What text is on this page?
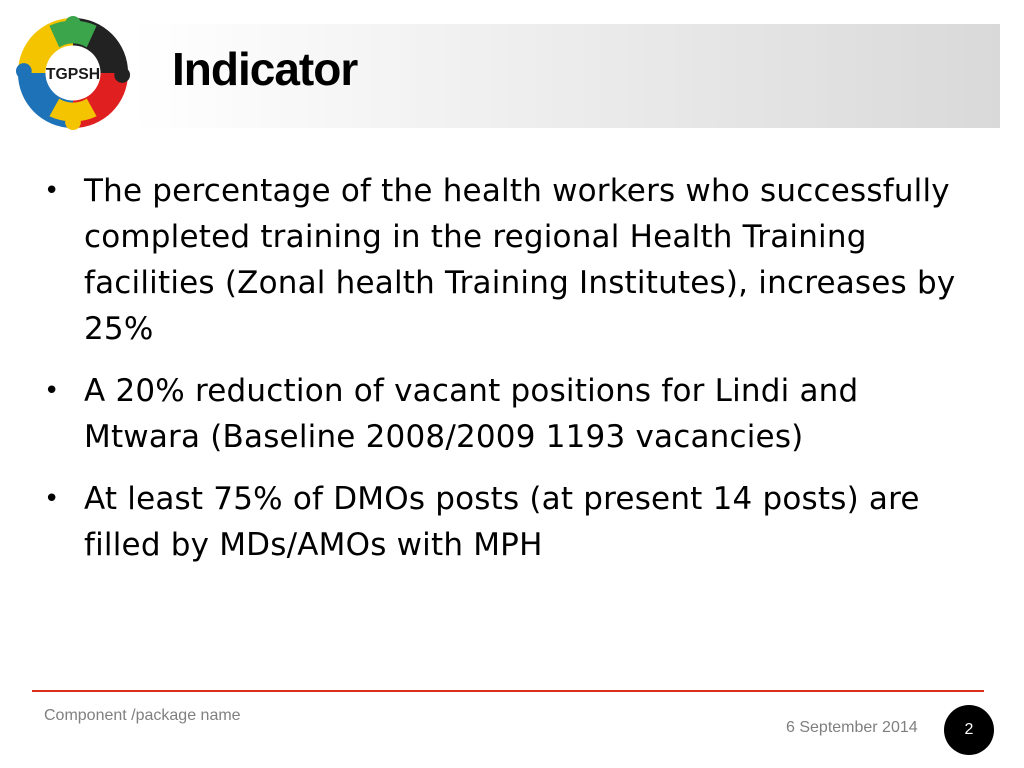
TGPSH Indicator
• The percentage of the health workers who successfully completed training in the regional Health Training facilities (Zonal health Training Institutes), increases by 25%
• A 20% reduction of vacant positions for Lindi and Mtwara (Baseline 2008/2009 1193 vacancies)
• At least 75% of DMOs posts (at present 14 posts) are filled by MDs/AMOs with MPH
Component /package name
6 September 2014	2
